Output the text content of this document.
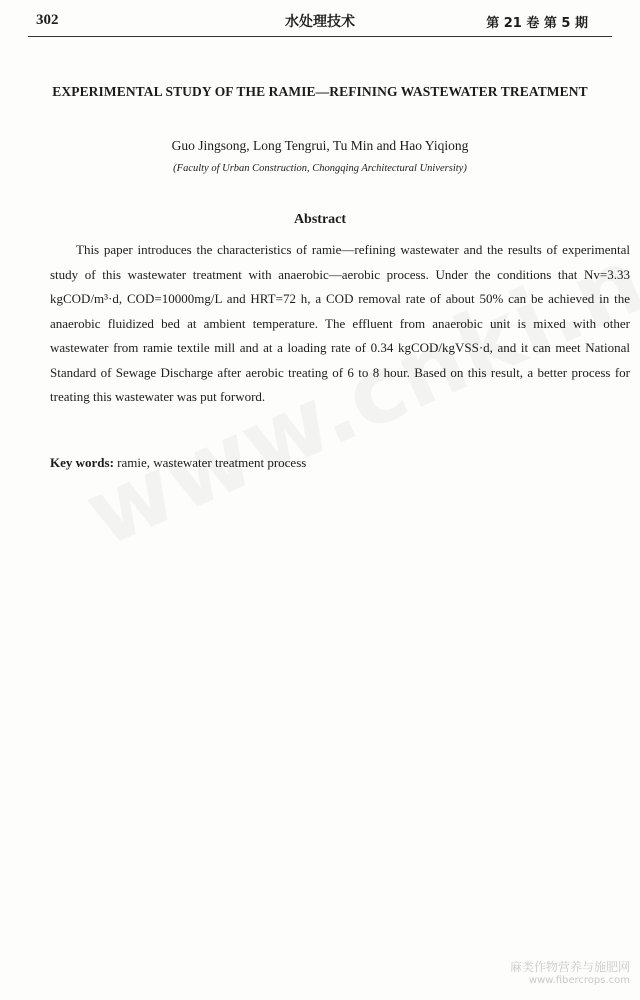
302	水处理技术	第 21 卷 第 5 期
EXPERIMENTAL STUDY OF THE RAMIE—REFINING WASTEWATER TREATMENT
Guo Jingsong, Long Tengrui, Tu Min and Hao Yiqiong
(Faculty of Urban Construction, Chongqing Architectural University)
Abstract

This paper introduces the characteristics of ramie—refining wastewater and the results of experimental study of this wastewater treatment with anaerobic—aerobic process. Under the conditions that Nv=3.33 kgCOD/m³·d, COD=10000mg/L and HRT=72 h, a COD removal rate of about 50% can be achieved in the anaerobic fluidized bed at ambient temperature. The effluent from anaerobic unit is mixed with other wastewater from ramie textile mill and at a loading rate of 0.34 kgCOD/kgVSS·d, and it can meet National Standard of Sewage Discharge after aerobic treating of 6 to 8 hour. Based on this result, a better process for treating this wastewater was put forword.

Key words: ramie, wastewater treatment process
麻类作物营养与施肥网
www.fibercrops.com
